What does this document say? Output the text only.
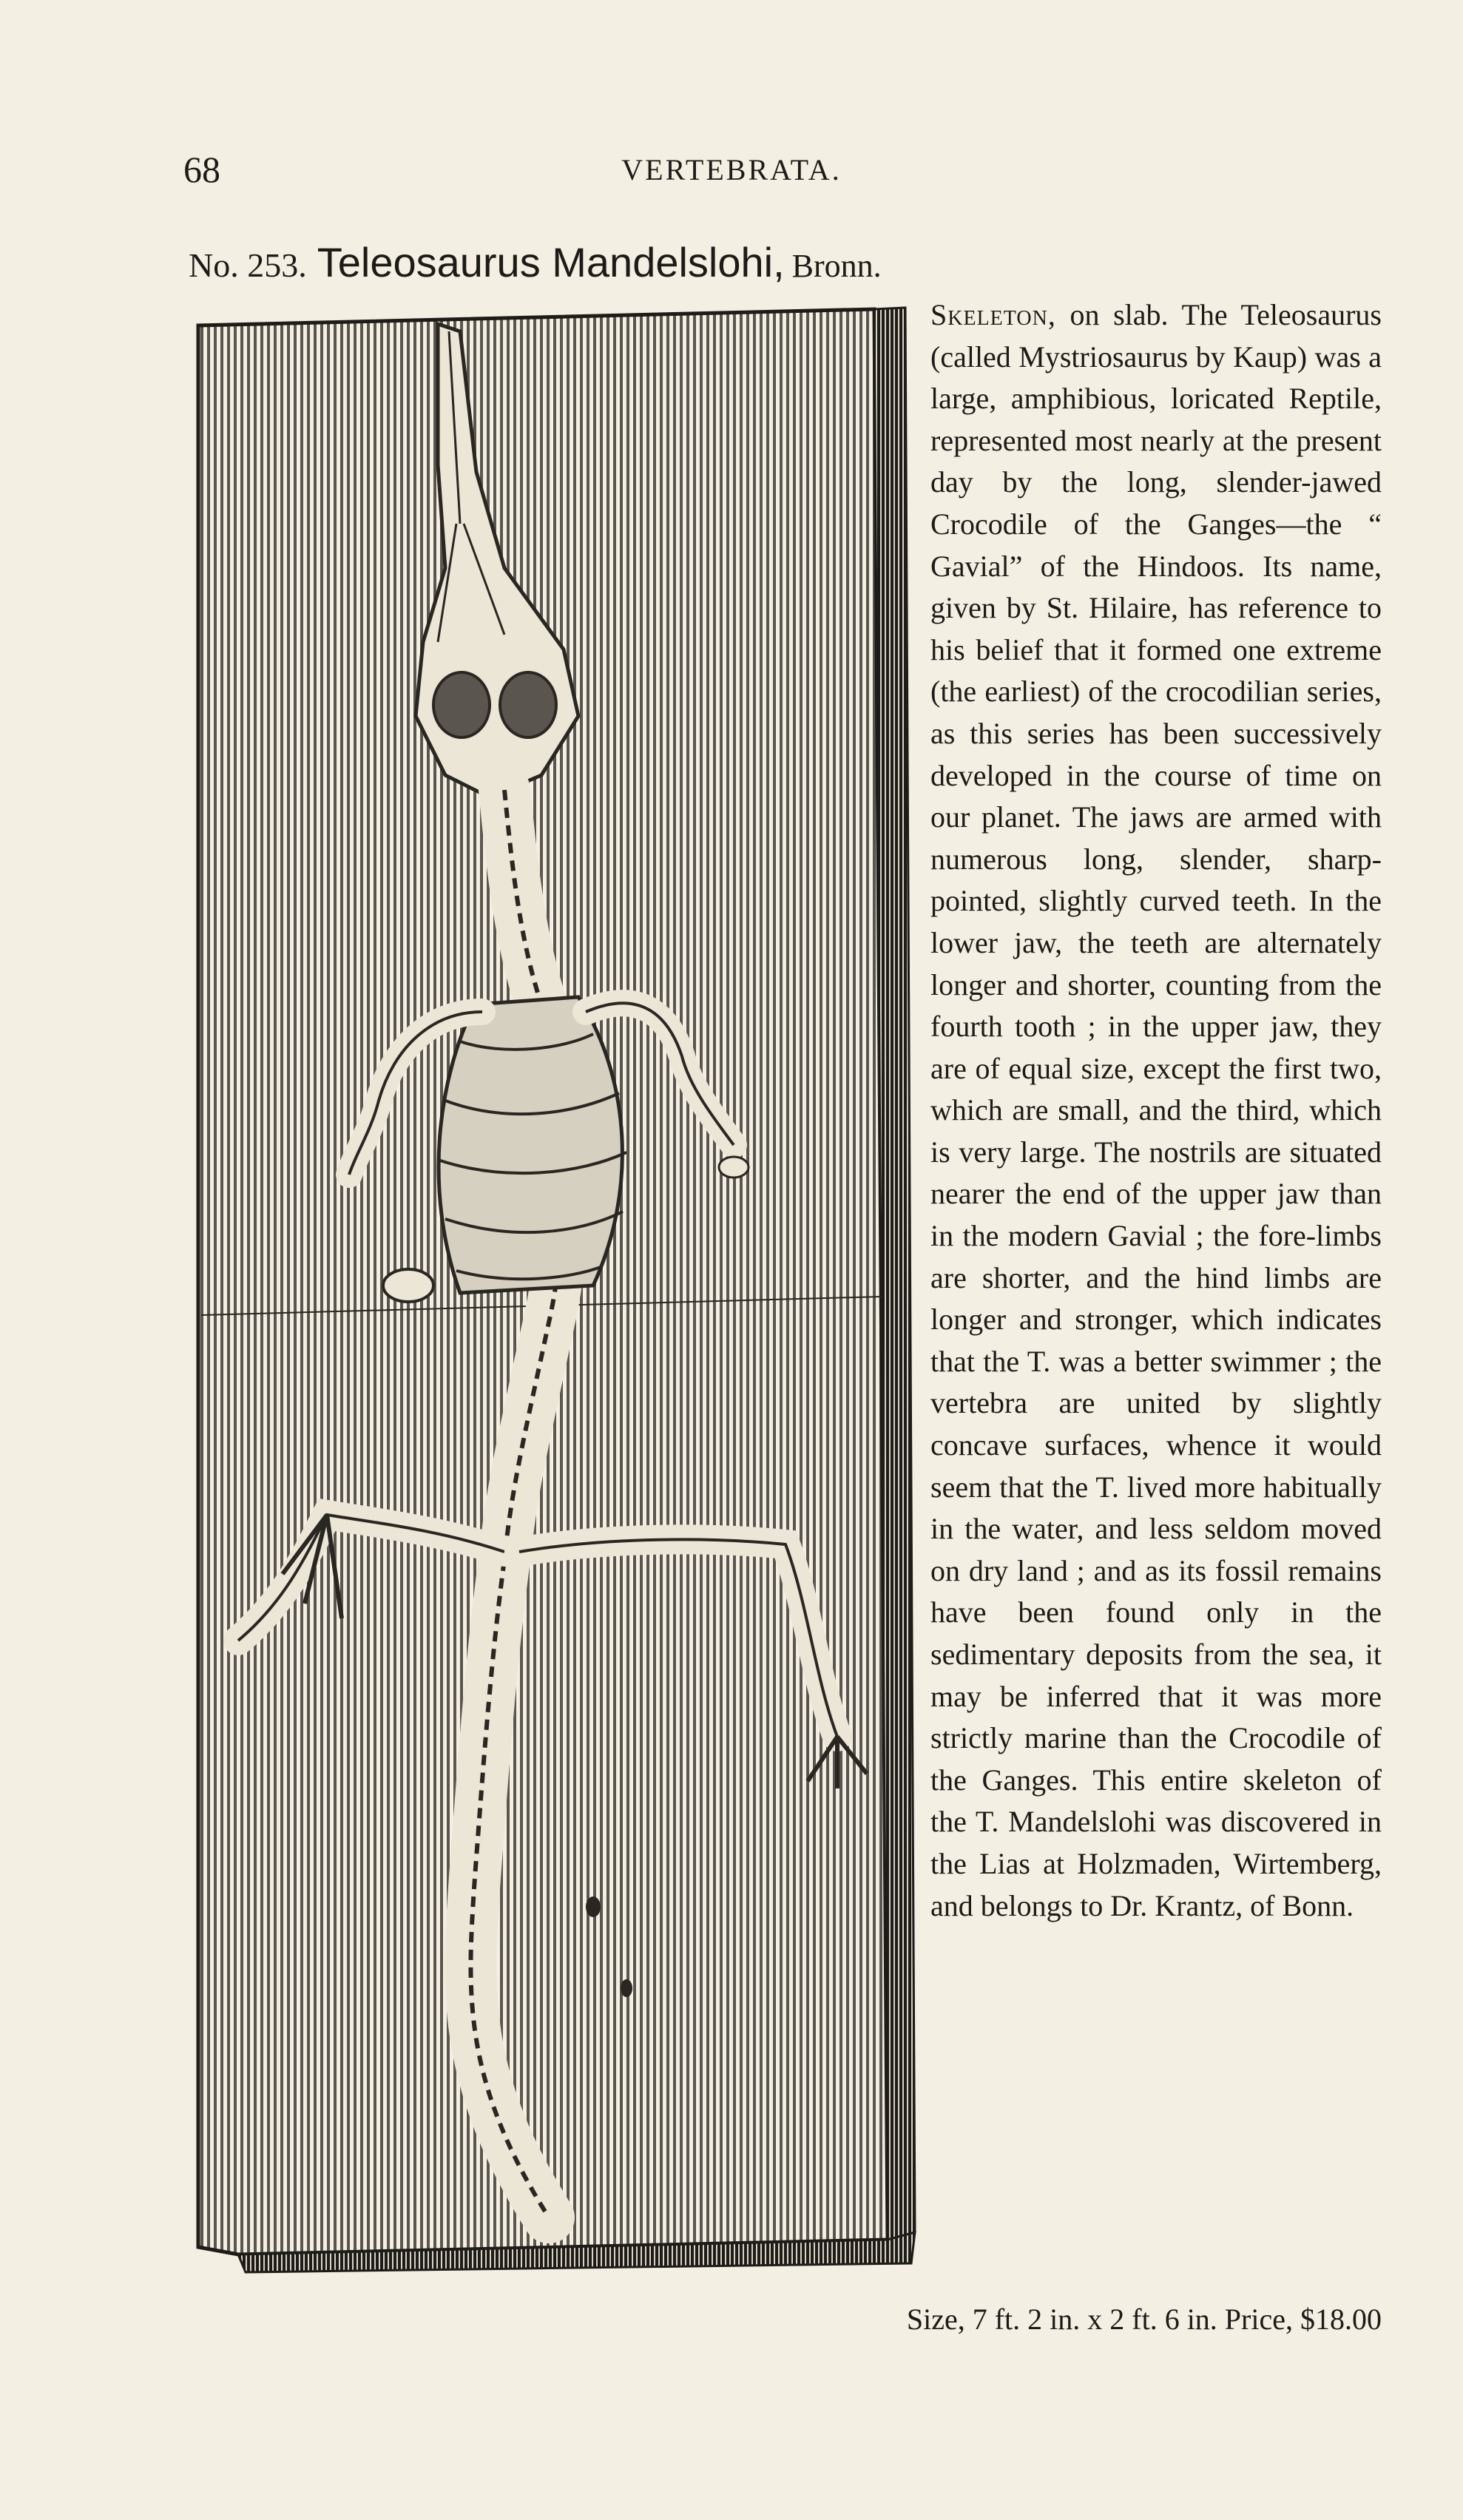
68	VERTEBRATA.
No. 253. Teleosaurus Mandelslohi, Bronn.
Skeleton, on slab. The Teleosaurus (called Mystriosaurus by Kaup) was a large, amphibious, loricated Reptile, represented most nearly at the present day by the long, slender-jawed Crocodile of the Ganges—the “ Gavial” of the Hindoos. Its name, given by St. Hilaire, has reference to his belief that it formed one extreme (the earliest) of the crocodilian series, as this series has been successively developed in the course of time on our planet. The jaws are armed with numerous long, slender, sharp-pointed, slightly curved teeth. In the lower jaw, the teeth are alternately longer and shorter, counting from the fourth tooth ; in the upper jaw, they are of equal size, except the first two, which are small, and the third, which is very large. The nostrils are situated nearer the end of the upper jaw than in the modern Gavial ; the fore-limbs are shorter, and the hind limbs are longer and stronger, which indicates that the T. was a better swimmer ; the vertebra are united by slightly concave surfaces, whence it would seem that the T. lived more habitually in the water, and less seldom moved on dry land ; and as its fossil remains have been found only in the sedimentary deposits from the sea, it may be inferred that it was more strictly marine than the Crocodile of the Ganges. This entire skeleton of the T. Mandelslohi was discovered in the Lias at Holzmaden, Wirtemberg, and belongs to Dr. Krantz, of Bonn.
Size, 7 ft. 2 in. x 2 ft. 6 in. Price, $18.00
